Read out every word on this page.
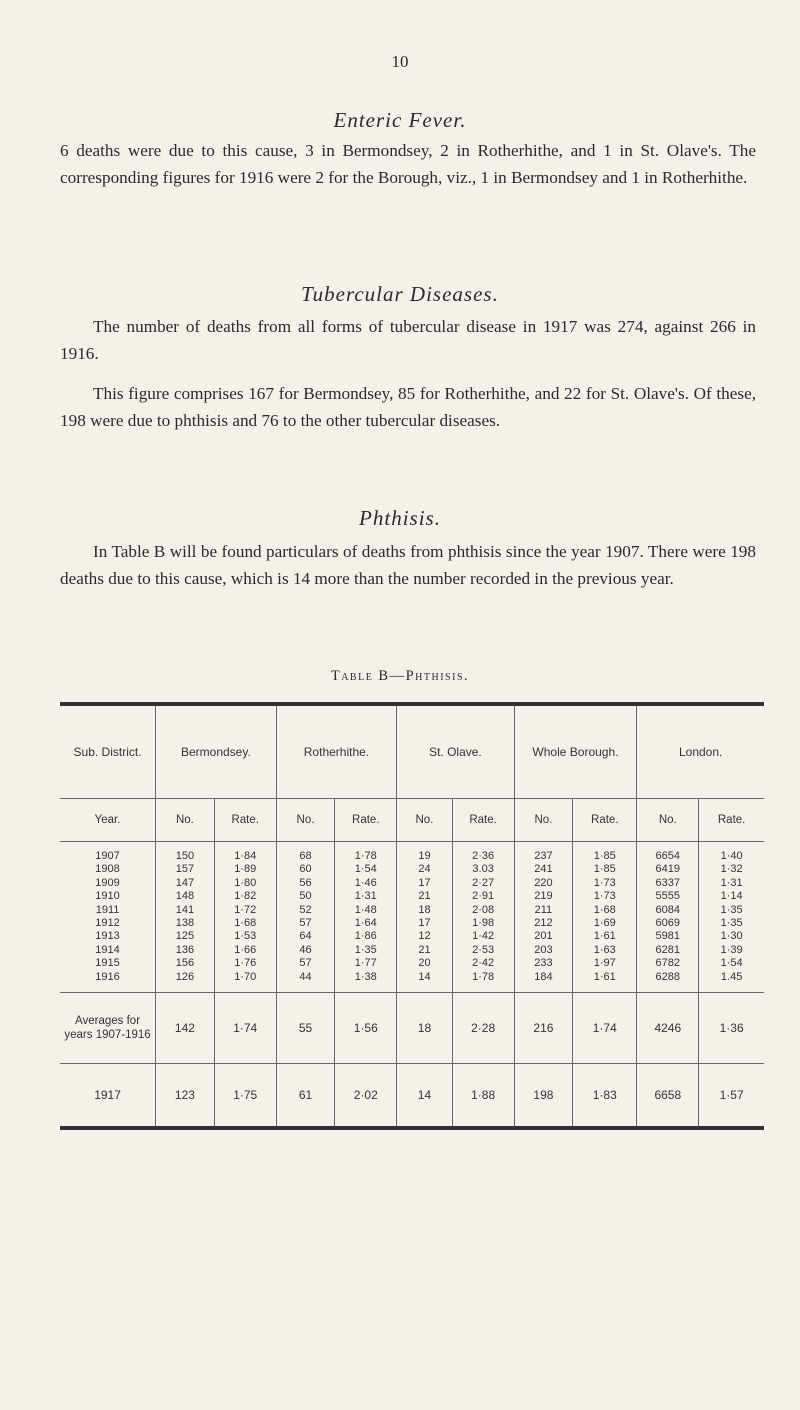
10
Enteric Fever.

6 deaths were due to this cause, 3 in Bermondsey, 2 in Rotherhithe, and 1 in St. Olave's. The corresponding figures for 1916 were 2 for the Borough, viz., 1 in Bermondsey and 1 in Rotherhithe.

Tubercular Diseases.

The number of deaths from all forms of tubercular disease in 1917 was 274, against 266 in 1916.

This figure comprises 167 for Bermondsey, 85 for Rotherhithe, and 22 for St. Olave's. Of these, 198 were due to phthisis and 76 to the other tubercular diseases.

Phthisis.

In Table B will be found particulars of deaths from phthisis since the year 1907. There were 198 deaths due to this cause, which is 14 more than the number recorded in the previous year.

Table B—Phthisis.
Sub. District.	Bermondsey.		Rotherhithe.		St. Olave.		Whole Borough.		London.	
Year.	No.	Rate.	No.	Rate.	No.	Rate.	No.	Rate.	No.	Rate.
1907	150	1·84	68	1·78	19	2·36	237	1·85	6654	1·40
1908	157	1·89	60	1·54	24	3.03	241	1·85	6419	1·32
1909	147	1·80	56	1·46	17	2·27	220	1·73	6337	1·31
1910	148	1·82	50	1·31	21	2·91	219	1·73	5555	1·14
1911	141	1·72	52	1·48	18	2·08	211	1·68	6084	1·35
1912	138	1·68	57	1·64	17	1·98	212	1·69	6069	1·35
1913	125	1·53	64	1·86	12	1·42	201	1·61	5981	1·30
1914	136	1·66	46	1·35	21	2·53	203	1·63	6281	1·39
1915	156	1·76	57	1·77	20	2·42	233	1·97	6782	1·54
1916	126	1·70	44	1·38	14	1·78	184	1·61	6288	1.45
Averages for years 1907-1916	142	1·74	55	1·56	18	2·28	216	1·74	4246	1·36
1917	123	1·75	61	2·02	14	1·88	198	1·83	6658	1·57
